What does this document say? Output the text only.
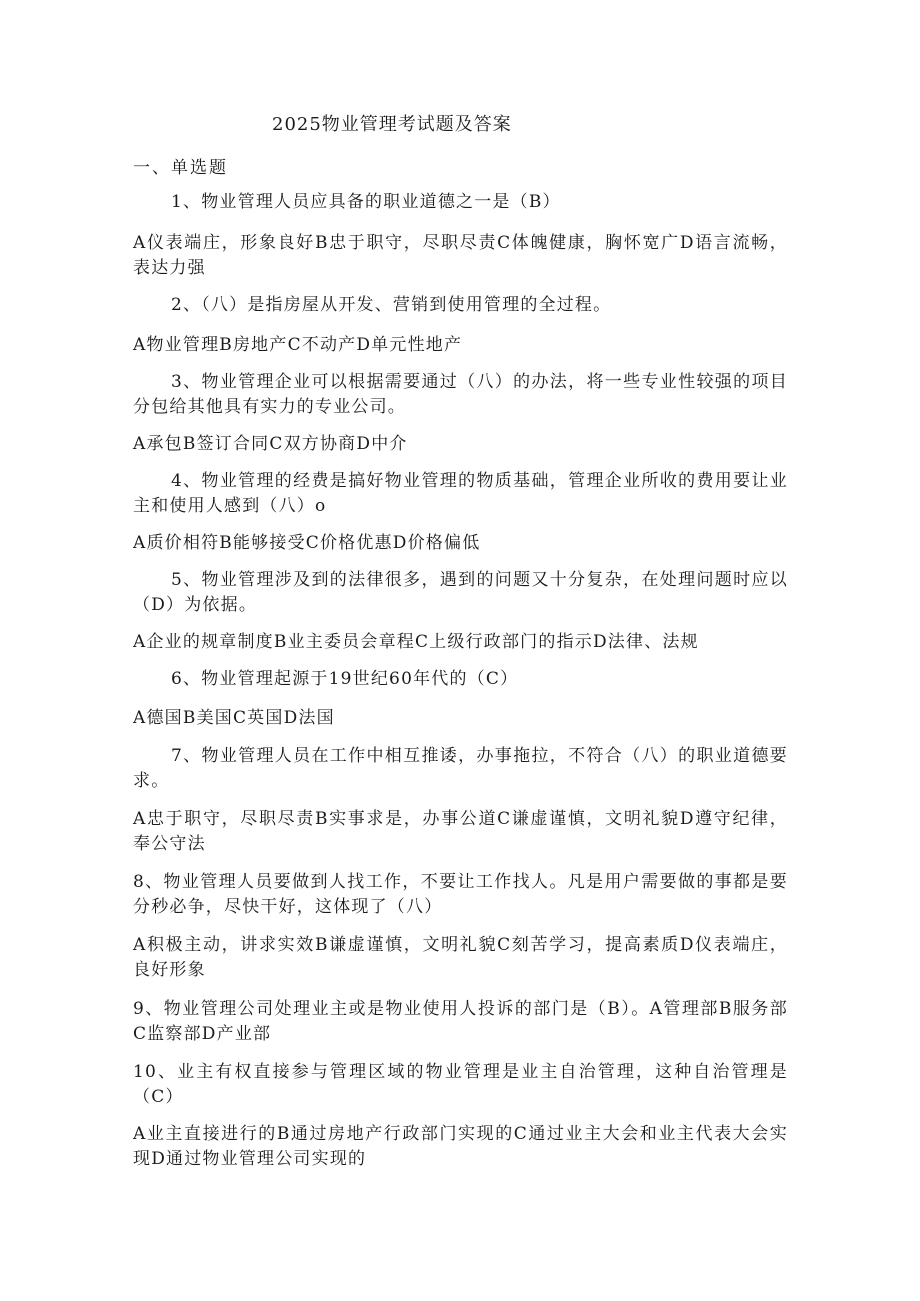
2025物业管理考试题及答案
一、单选题

1、物业管理人员应具备的职业道德之一是（B）

A仪表端庄，形象良好B忠于职守，尽职尽责C体魄健康，胸怀宽广D语言流畅，表达力强

2、（八）是指房屋从开发、营销到使用管理的全过程。

A物业管理B房地产C不动产D单元性地产

3、物业管理企业可以根据需要通过（八）的办法，将一些专业性较强的项目分包给其他具有实力的专业公司。

A承包B签订合同C双方协商D中介

4、物业管理的经费是搞好物业管理的物质基础，管理企业所收的费用要让业主和使用人感到（八）o

A质价相符B能够接受C价格优惠D价格偏低

5、物业管理涉及到的法律很多，遇到的问题又十分复杂，在处理问题时应以（D）为依据。

A企业的规章制度B业主委员会章程C上级行政部门的指示D法律、法规

6、物业管理起源于19世纪60年代的（C）

A德国B美国C英国D法国

7、物业管理人员在工作中相互推诿，办事拖拉，不符合（八）的职业道德要求。

A忠于职守，尽职尽责B实事求是，办事公道C谦虚谨慎，文明礼貌D遵守纪律，奉公守法

8、物业管理人员要做到人找工作，不要让工作找人。凡是用户需要做的事都是要分秒必争，尽快干好，这体现了（八）

A积极主动，讲求实效B谦虚谨慎，文明礼貌C刻苦学习，提高素质D仪表端庄，良好形象

9、物业管理公司处理业主或是物业使用人投诉的部门是（B）。A管理部B服务部C监察部D产业部

10、业主有权直接参与管理区域的物业管理是业主自治管理，这种自治管理是（C）

A业主直接进行的B通过房地产行政部门实现的C通过业主大会和业主代表大会实现D通过物业管理公司实现的
